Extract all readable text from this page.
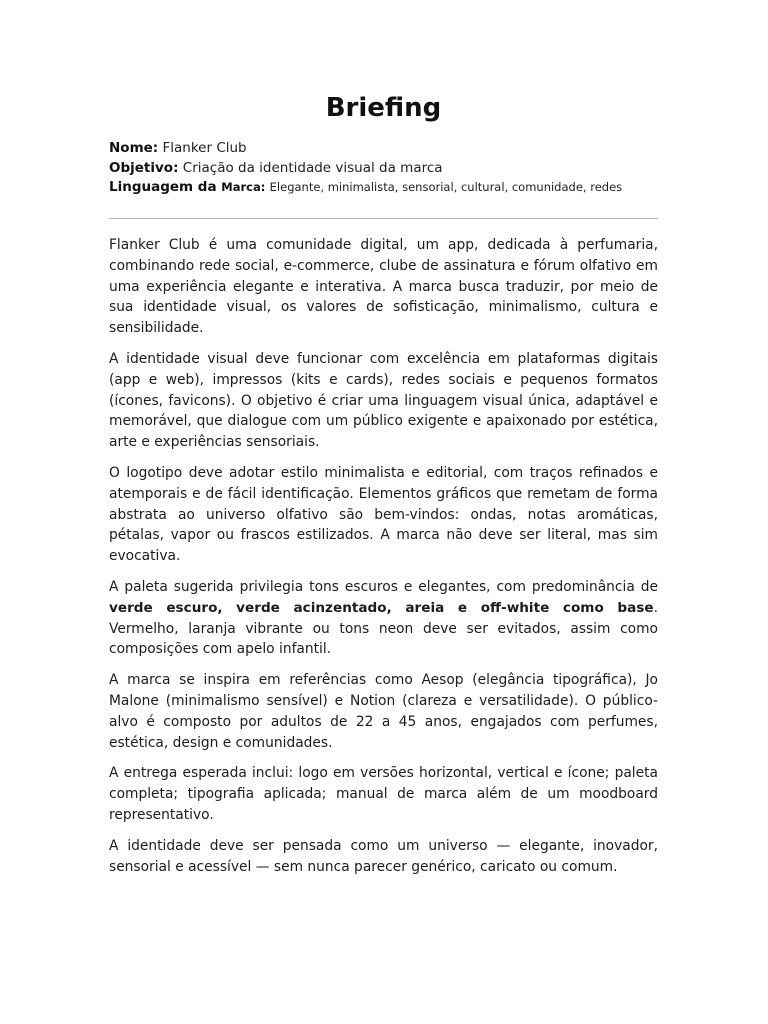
Briefing

Nome: Flanker Club

Objetivo: Criação da identidade visual da marca

Linguagem da Marca: Elegante, minimalista, sensorial, cultural, comunidade, redes

Flanker Club é uma comunidade digital, um app, dedicada à perfumaria, combinando rede social, e-commerce, clube de assinatura e fórum olfativo em uma experiência elegante e interativa. A marca busca traduzir, por meio de sua identidade visual, os valores de sofisticação, minimalismo, cultura e sensibilidade.

A identidade visual deve funcionar com excelência em plataformas digitais (app e web), impressos (kits e cards), redes sociais e pequenos formatos (ícones, favicons). O objetivo é criar uma linguagem visual única, adaptável e memorável, que dialogue com um público exigente e apaixonado por estética, arte e experiências sensoriais.

O logotipo deve adotar estilo minimalista e editorial, com traços refinados e atemporais e de fácil identificação. Elementos gráficos que remetam de forma abstrata ao universo olfativo são bem-vindos: ondas, notas aromáticas, pétalas, vapor ou frascos estilizados. A marca não deve ser literal, mas sim evocativa.

A paleta sugerida privilegia tons escuros e elegantes, com predominância de verde escuro, verde acinzentado, areia e off-white como base. Vermelho, laranja vibrante ou tons neon deve ser evitados, assim como composições com apelo infantil.

A marca se inspira em referências como Aesop (elegância tipográfica), Jo Malone (minimalismo sensível) e Notion (clareza e versatilidade). O público-alvo é composto por adultos de 22 a 45 anos, engajados com perfumes, estética, design e comunidades.

A entrega esperada inclui: logo em versões horizontal, vertical e ícone; paleta completa; tipografia aplicada; manual de marca além de um moodboard representativo.

A identidade deve ser pensada como um universo — elegante, inovador, sensorial e acessível — sem nunca parecer genérico, caricato ou comum.
